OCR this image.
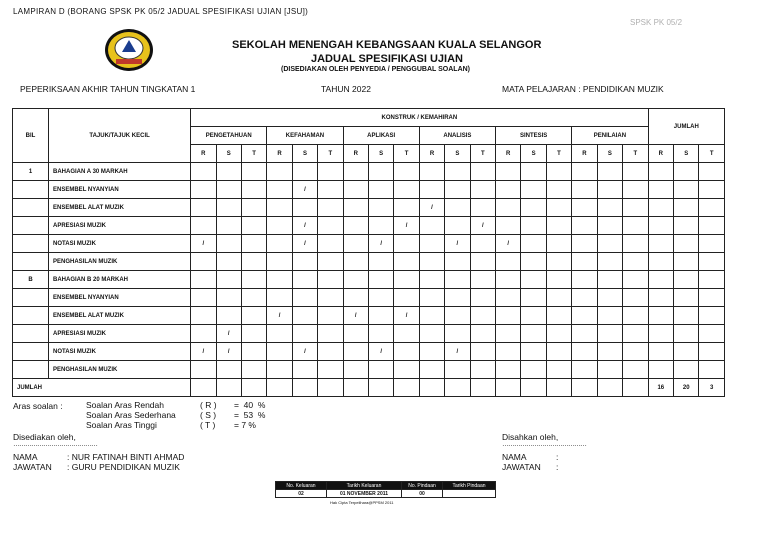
LAMPIRAN D (BORANG SPSK PK 05/2 JADUAL SPESIFIKASI UJIAN [JSU])
SPSK PK 05/2
SEKOLAH MENENGAH KEBANGSAAN KUALA SELANGOR
JADUAL SPESIFIKASI UJIAN
(DISEDIAKAN OLEH PENYEDIA / PENGGUBAL SOALAN)
PEPERIKSAAN AKHIR TAHUN TINGKATAN 1	TAHUN 2022	MATA PELAJARAN : PENDIDIKAN MUZIK
BIL	TAJUK/TAJUK KECIL	KONSTRUK / KEMAHIRAN																		JUMLAH		
		PENGETAHUAN			KEFAHAMAN			APLIKASI			ANALISIS			SINTESIS			PENILAIAN					
		R	S	T	R	S	T	R	S	T	R	S	T	R	S	T	R	S	T	R	S	T
1	BAHAGIAN A 30 MARKAH																					
	ENSEMBEL NYANYIAN					/																
	ENSEMBEL ALAT MUZIK										/											
	APRESIASI MUZIK					/				/			/									
	NOTASI MUZIK	/				/			/			/		/								
	PENGHASILAN MUZIK																					
B	BAHAGIAN B 20 MARKAH																					
	ENSEMBEL NYANYIAN																					
	ENSEMBEL ALAT MUZIK				/			/		/												
	APRESIASI MUZIK		/																			
	NOTASI MUZIK	/	/			/			/			/										
	PENGHASILAN MUZIK																					
JUMLAH																				16	20	3
Aras soalan :	Soalan Aras Rendah	( R ) =  40  %
Soalan Aras Sederhana	( S ) =  53  %
Soalan Aras Tinggi	( T ) = 7 %
Disediakan oleh,
……………………………………
NAMA	: NUR FATINAH BINTI AHMAD
JAWATAN : GURU PENDIDIKAN MUZIK
Disahkan oleh,
……………………………………
NAMA	:
JAWATAN :
No. Keluaran	Tarikh Keluaran	No. Pindaan	Tarikh Pindaan
02	01 NOVEMBER 2011	00	
Hak Cipta Terpelihara@PPSM 2011
